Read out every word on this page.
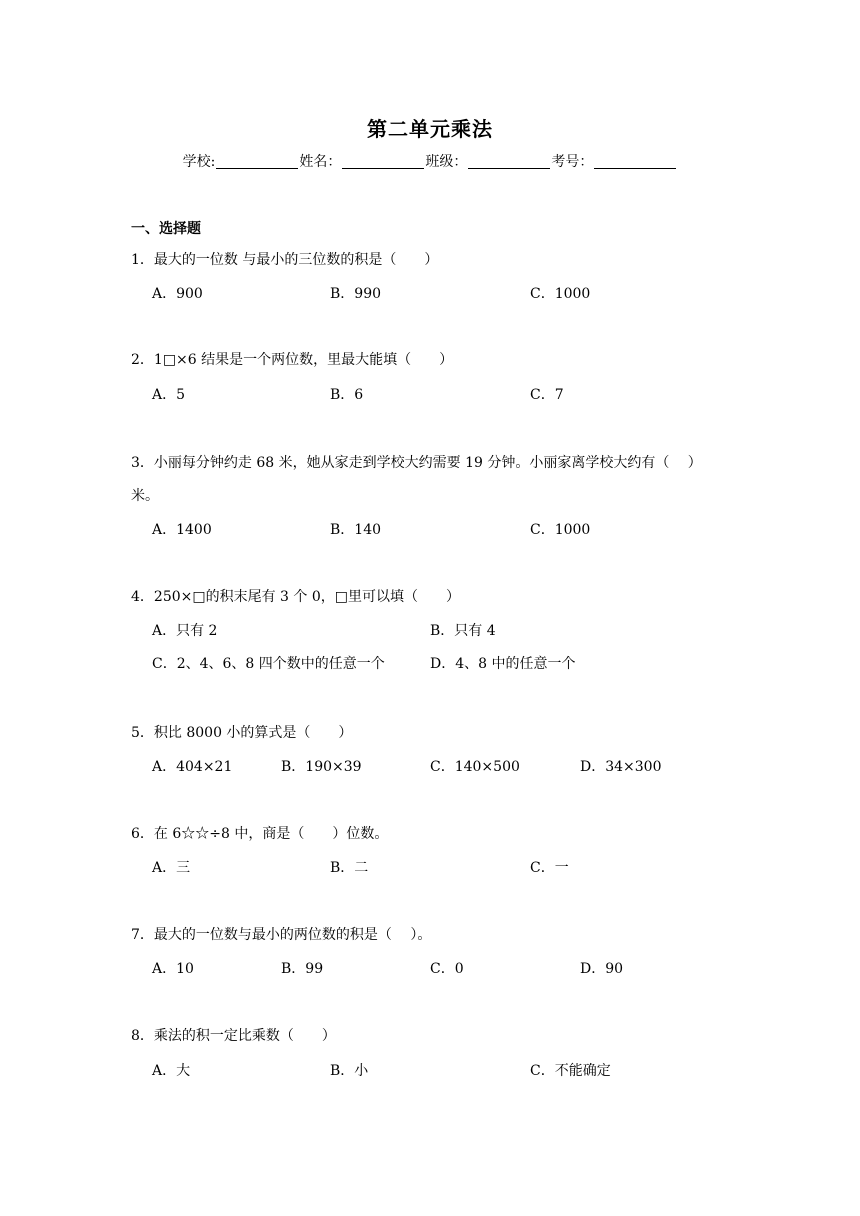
第二单元乘法
学校:	姓名：	班级：	考号：
一、选择题
1．最大的一位数 与最小的三位数的积是（　　）
A．900	B．990	C．1000
2．1□×6 结果是一个两位数，里最大能填（　　）
A．5	B．6	C．7
3．小丽每分钟约走 68 米，她从家走到学校大约需要 19 分钟。小丽家离学校大约有（　 ）
米。
A．1400	B．140	C．1000
4．250×□的积末尾有 3 个 0，□里可以填（　　）
A．只有 2	B．只有 4
C．2、4、6、8 四个数中的任意一个	D．4、8 中的任意一个
5．积比 8000 小的算式是（　　）
A．404×21	B．190×39	C．140×500	D．34×300
6．在 6☆☆÷8 中，商是（　　）位数。
A．三	B．二	C．一
7．最大的一位数与最小的两位数的积是（　 ）。
A．10	B．99	C．0	D．90
8．乘法的积一定比乘数（　　）
A．大	B．小	C．不能确定
